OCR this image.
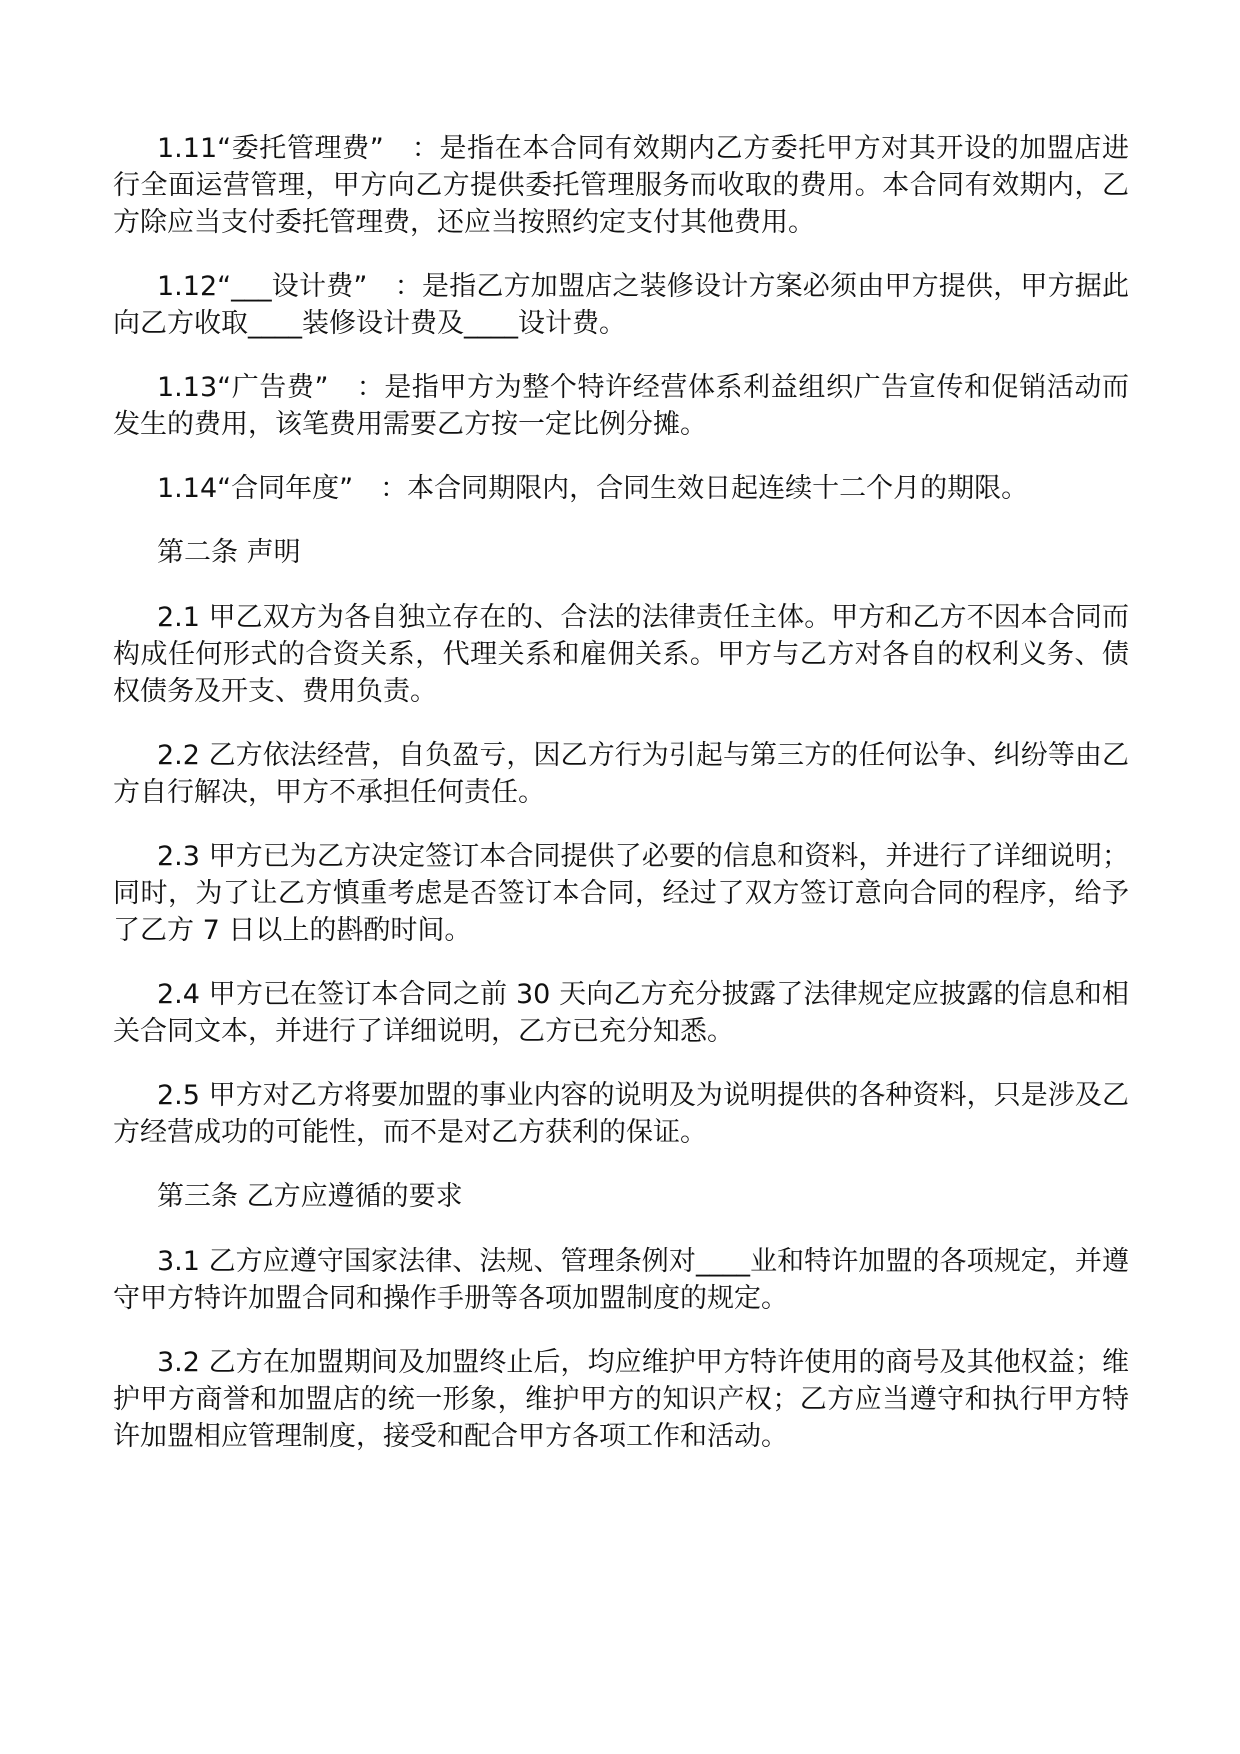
1.11“委托管理费”　：是指在本合同有效期内乙方委托甲方对其开设的加盟店进行全面运营管理，甲方向乙方提供委托管理服务而收取的费用。本合同有效期内，乙方除应当支付委托管理费，还应当按照约定支付其他费用。

1.12“___设计费”　：是指乙方加盟店之装修设计方案必须由甲方提供，甲方据此向乙方收取____装修设计费及____设计费。

1.13“广告费”　：是指甲方为整个特许经营体系利益组织广告宣传和促销活动而发生的费用，该笔费用需要乙方按一定比例分摊。

1.14“合同年度”　：本合同期限内，合同生效日起连续十二个月的期限。

第二条 声明

2.1 甲乙双方为各自独立存在的、合法的法律责任主体。甲方和乙方不因本合同而构成任何形式的合资关系，代理关系和雇佣关系。甲方与乙方对各自的权利义务、债权债务及开支、费用负责。

2.2 乙方依法经营，自负盈亏，因乙方行为引起与第三方的任何讼争、纠纷等由乙方自行解决，甲方不承担任何责任。

2.3 甲方已为乙方决定签订本合同提供了必要的信息和资料，并进行了详细说明；同时，为了让乙方慎重考虑是否签订本合同，经过了双方签订意向合同的程序，给予了乙方 7 日以上的斟酌时间。

2.4 甲方已在签订本合同之前 30 天向乙方充分披露了法律规定应披露的信息和相关合同文本，并进行了详细说明，乙方已充分知悉。

2.5 甲方对乙方将要加盟的事业内容的说明及为说明提供的各种资料，只是涉及乙方经营成功的可能性，而不是对乙方获利的保证。

第三条 乙方应遵循的要求

3.1 乙方应遵守国家法律、法规、管理条例对____业和特许加盟的各项规定，并遵守甲方特许加盟合同和操作手册等各项加盟制度的规定。

3.2 乙方在加盟期间及加盟终止后，均应维护甲方特许使用的商号及其他权益；维护甲方商誉和加盟店的统一形象，维护甲方的知识产权；乙方应当遵守和执行甲方特许加盟相应管理制度，接受和配合甲方各项工作和活动。
